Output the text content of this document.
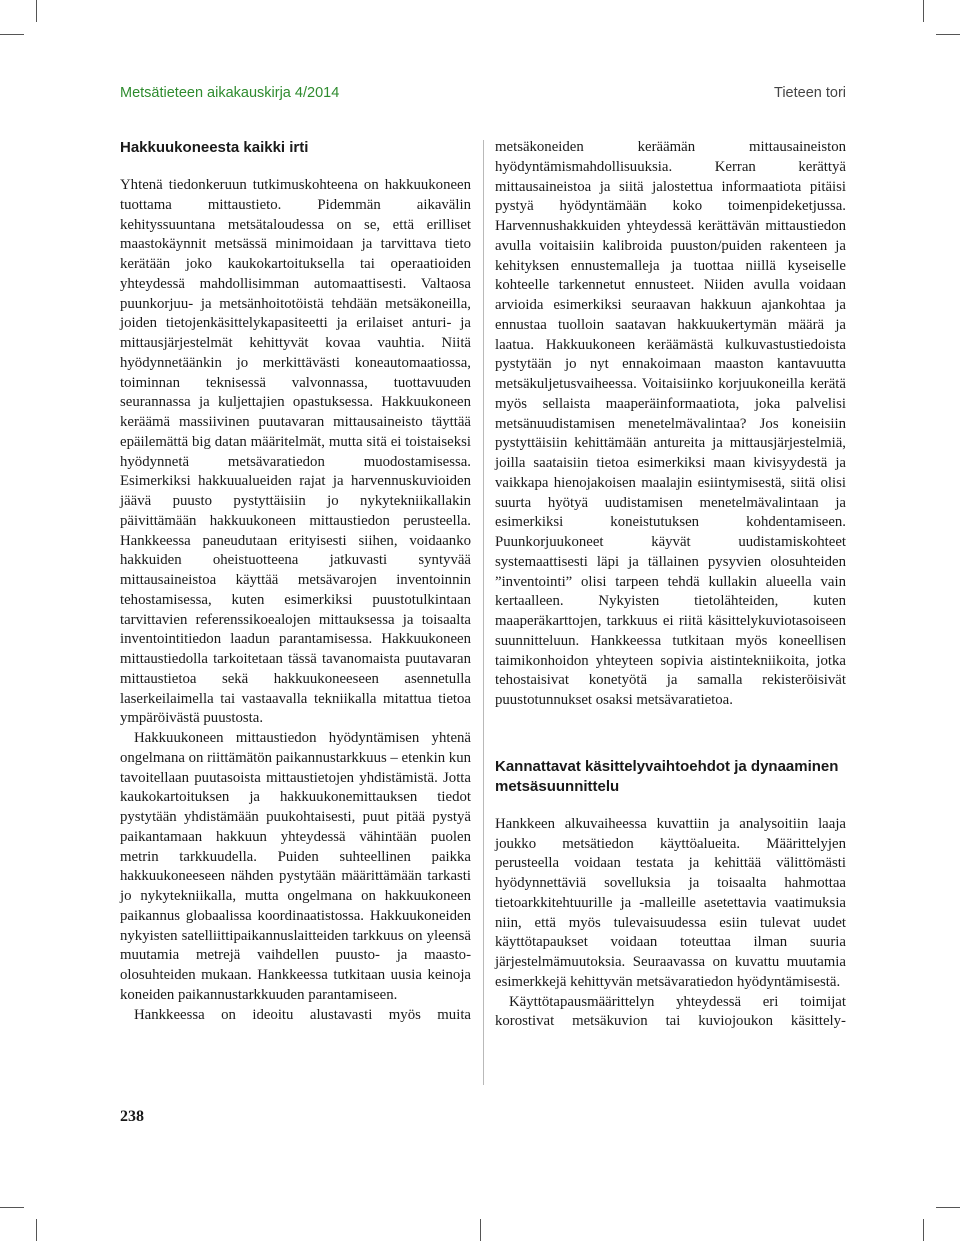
Metsätieteen aikakauskirja 4/2014	Tieteen tori
Hakkuukoneesta kaikki irti

Yhtenä tiedonkeruun tutkimuskohteena on hakkuukoneen tuottama mittaustieto. Pidemmän aikavälin kehityssuuntana metsätaloudessa on se, että erilliset maastokäynnit metsässä minimoidaan ja tarvittava tieto kerätään joko kaukokartoituksella tai operaatioiden yhteydessä mahdollisimman automaattisesti. Valtaosa puunkorjuu- ja metsänhoitotöistä tehdään metsäkoneilla, joiden tietojenkäsittelykapasiteetti ja erilaiset anturi- ja mittausjärjestelmät kehittyvät kovaa vauhtia. Niitä hyödynnetäänkin jo merkittävästi koneautomaatiossa, toiminnan teknisessä valvonnassa, tuottavuuden seurannassa ja kuljettajien opastuksessa. Hakkuukoneen keräämä massiivinen puutavaran mittausaineisto täyttää epäilemättä big datan määritelmät, mutta sitä ei toistaiseksi hyödynnetä metsävaratiedon muodostamisessa. Esimerkiksi hakkuualueiden rajat ja harvennuskuvioiden jäävä puusto pystyttäisiin jo nykytekniikallakin päivittämään hakkuukoneen mittaustiedon perusteella. Hankkeessa paneudutaan erityisesti siihen, voidaanko hakkuiden oheistuotteena jatkuvasti syntyvää mittausaineistoa käyttää metsävarojen inventoinnin tehostamisessa, kuten esimerkiksi puustotulkintaan tarvittavien referenssikoealojen mittauksessa ja toisaalta inventointitiedon laadun parantamisessa. Hakkuukoneen mittaustiedolla tarkoitetaan tässä tavanomaista puutavaran mittaustietoa sekä hakkuukoneeseen asennetulla laserkeilaimella tai vastaavalla tekniikalla mitattua tietoa ympäröivästä puustosta.

Hakkuukoneen mittaustiedon hyödyntämisen yhtenä ongelmana on riittämätön paikannustarkkuus – etenkin kun tavoitellaan puutasoista mittaustietojen yhdistämistä. Jotta kaukokartoituksen ja hakkuukonemittauksen tiedot pystytään yhdistämään puukohtaisesti, puut pitää pystyä paikantamaan hakkuun yhteydessä vähintään puolen metrin tarkkuudella. Puiden suhteellinen paikka hakkuukoneeseen nähden pystytään määrittämään tarkasti jo nykytekniikalla, mutta ongelmana on hakkuukoneen paikannus globaalissa koordinaatistossa. Hakkuukoneiden nykyisten satelliittipaikannuslaitteiden tarkkuus on yleensä muutamia metrejä vaihdellen puusto- ja maasto-olosuhteiden mukaan. Hankkeessa tutkitaan uusia keinoja koneiden paikannustarkkuuden parantamiseen.

Hankkeessa on ideoitu alustavasti myös muita

metsäkoneiden keräämän mittausaineiston hyödyntämismahdollisuuksia. Kerran kerättyä mittausaineistoa ja siitä jalostettua informaatiota pitäisi pystyä hyödyntämään koko toimenpideketjussa. Harvennushakkuiden yhteydessä kerättävän mittaustiedon avulla voitaisiin kalibroida puuston/puiden rakenteen ja kehityksen ennustemalleja ja tuottaa niillä kyseiselle kohteelle tarkennetut ennusteet. Niiden avulla voidaan arvioida esimerkiksi seuraavan hakkuun ajankohtaa ja ennustaa tuolloin saatavan hakkuukertymän määrä ja laatua. Hakkuukoneen keräämästä kulkuvastustiedoista pystytään jo nyt ennakoimaan maaston kantavuutta metsäkuljetusvaiheessa. Voitaisiinko korjuukoneilla kerätä myös sellaista maaperäinformaatiota, joka palvelisi metsänuudistamisen menetelmävalintaa? Jos koneisiin pystyttäisiin kehittämään antureita ja mittausjärjestelmiä, joilla saataisiin tietoa esimerkiksi maan kivisyydestä ja vaikkapa hienojakoisen maalajin esiintymisestä, siitä olisi suurta hyötyä uudistamisen menetelmävalintaan ja esimerkiksi koneistutuksen kohdentamiseen. Puunkorjuukoneet käyvät uudistamiskohteet systemaattisesti läpi ja tällainen pysyvien olosuhteiden ”inventointi” olisi tarpeen tehdä kullakin alueella vain kertaalleen. Nykyisten tietolähteiden, kuten maaperäkarttojen, tarkkuus ei riitä käsittelykuviotasoiseen suunnitteluun. Hankkeessa tutkitaan myös koneellisen taimikonhoidon yhteyteen sopivia aistintekniikoita, jotka tehostaisivat konetyötä ja samalla rekisteröisivät puustotunnukset osaksi metsävaratietoa.

Kannattavat käsittelyvaihtoehdot ja dynaaminen metsäsuunnittelu

Hankkeen alkuvaiheessa kuvattiin ja analysoitiin laaja joukko metsätiedon käyttöalueita. Määrittelyjen perusteella voidaan testata ja kehittää välittömästi hyödynnettäviä sovelluksia ja toisaalta hahmottaa tietoarkkitehtuurille ja -malleille asetettavia vaatimuksia niin, että myös tulevaisuudessa esiin tulevat uudet käyttötapaukset voidaan toteuttaa ilman suuria järjestelmämuutoksia. Seuraavassa on kuvattu muutamia esimerkkejä kehittyvän metsävaratiedon hyödyntämisestä.

Käyttötapausmäärittelyn yhteydessä eri toimijat korostivat metsäkuvion tai kuviojoukon käsittely-

238
